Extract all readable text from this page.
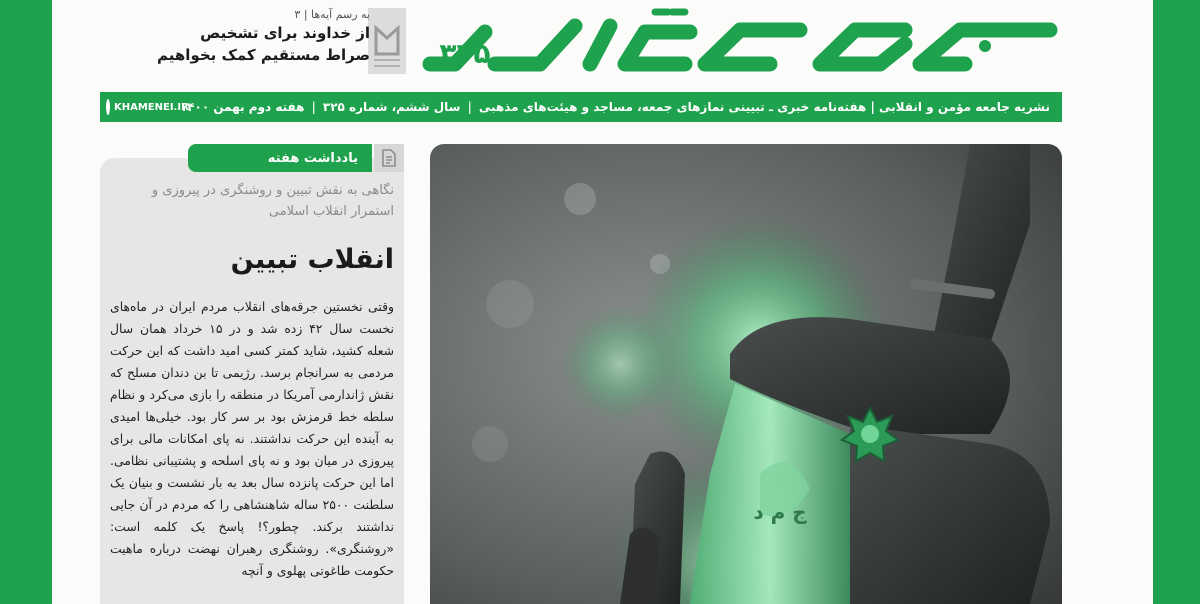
خط حزب‌الله
۳۲۵
به رسم آیه‌ها | ۳
از خداوند برای تشخیص
صراط مستقیم کمک بخواهیم
نشریه جامعه مؤمن و انقلابی | هفته‌نامه خبری ـ تبیینی نمازهای جمعه، مساجد و هیئت‌های مذهبی
|
سال ششم، شماره ۳۲۵
|
هفته دوم بهمن ۱۴۰۰
KHAMENEI.IR
یادداشت هفته
نگاهی به نقش تبیین و روشنگری در پیروزی و استمرار انقلاب اسلامی
انقلاب تبیین
وقتی نخستین جرقه‌های انقلاب مردم ایران در ماه‌های نخست سال ۴۲ زده شد و در ۱۵ خرداد همان سال شعله کشید، شاید کمتر کسی امید داشت که این حرکت مردمی به سرانجام برسد. رژیمی تا بن دندان مسلح که نقش ژاندارمی آمریکا در منطقه را بازی می‌کرد و نظام سلطه خط قرمزش بود بر سر کار بود. خیلی‌ها امیدی به آینده این حرکت نداشتند. نه پای امکانات مالی برای پیروزی در میان بود و نه پای اسلحه و پشتیبانی نظامی. اما این حرکت پانزده سال بعد به بار نشست و بنیان یک سلطنت ۲۵۰۰ ساله شاهنشاهی را که مردم در آن جایی نداشتند برکند. چطور؟! پاسخ یک کلمه است: «روشنگری». روشنگری رهبران نهضت درباره ماهیت حکومت طاغوتی پهلوی و آنچه
ج م د
